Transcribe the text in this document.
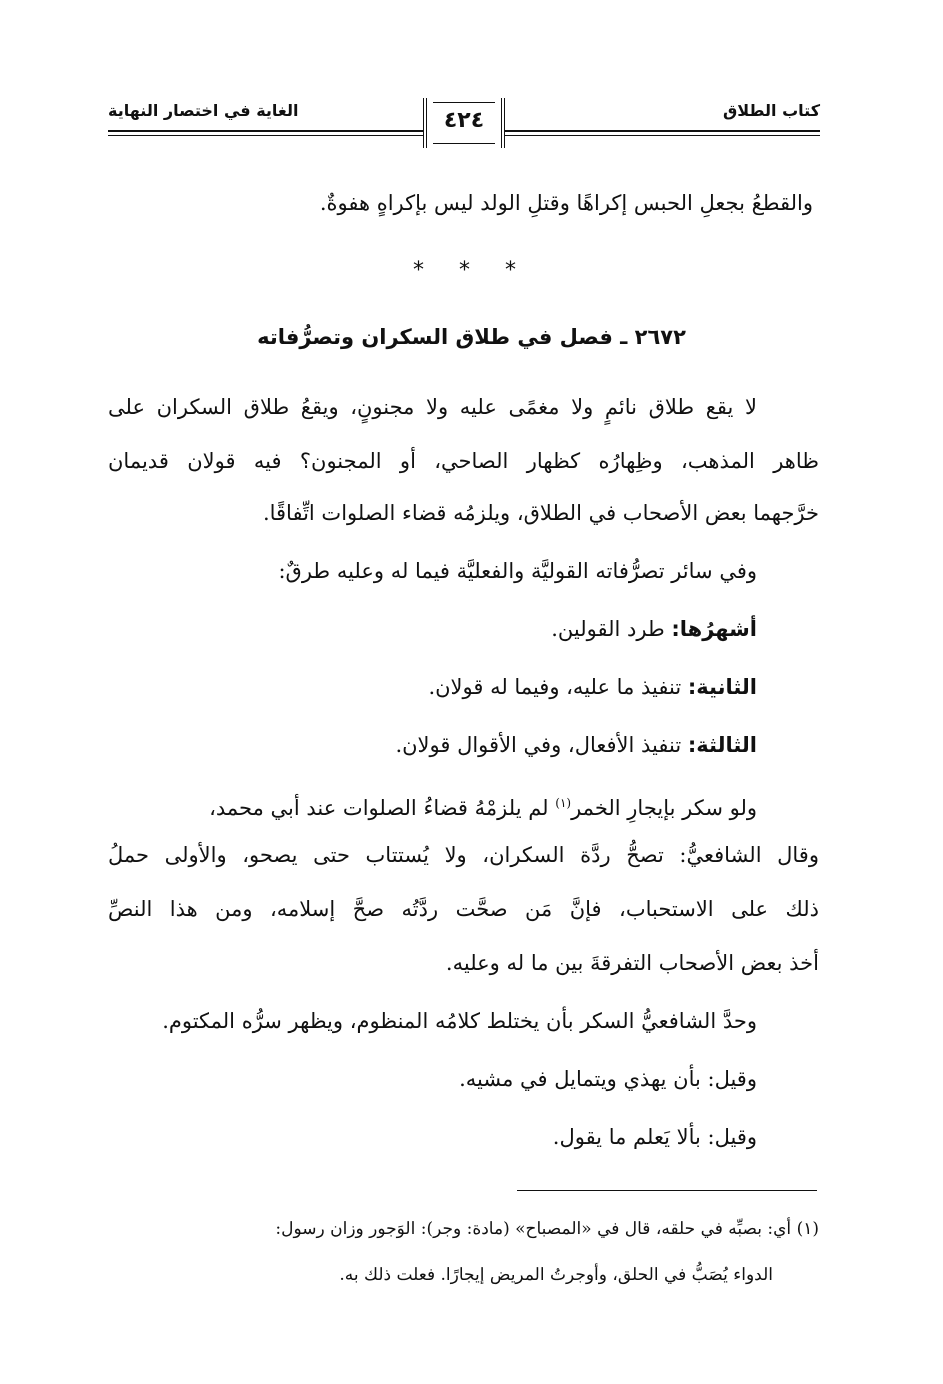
كتاب الطلاق
الغاية في اختصار النهاية	٤٢٤
والقطعُ بجعلِ الحبس إكراهًا وقتلِ الولد ليس بإكراهٍ هفوةٌ.
* * *
٢٦٧٢ ـ فصل في طلاق السكران وتصرُّفاته
لا يقع طلاق نائمٍ ولا مغمًى عليه ولا مجنونٍ، ويقعُ طلاق السكران على
ظاهر المذهب، وظِهارُه كظهار الصاحي، أو المجنون؟ فيه قولان قديمان
خرَّجهما بعض الأصحاب في الطلاق، ويلزمُه قضاء الصلوات اتِّفاقًا.
وفي سائر تصرُّفاته القوليَّة والفعليَّة فيما له وعليه طرقٌ:
أشهرُها: طرد القولين.
الثانية: تنفيذ ما عليه، وفيما له قولان.
الثالثة: تنفيذ الأفعال، وفي الأقوال قولان.
ولو سكر بإيجارِ الخمر$^{(١)}$ لم يلزمْهُ قضاءُ الصلوات عند أبي محمد،
وقال الشافعيُّ: تصحُّ ردَّة السكران، ولا يُستتاب حتى يصحو، والأولى حملُ
ذلك على الاستحباب، فإنَّ مَن صحَّت ردَّتُه صحَّ إسلامه، ومن هذا النصِّ
أخذ بعض الأصحاب التفرقةَ بين ما له وعليه.
وحدَّ الشافعيُّ السكر بأن يختلط كلامُه المنظوم، ويظهر سرُّه المكتوم.
وقيل: بأن يهذي ويتمايل في مشيه.
وقيل: بألا يَعلم ما يقول.
(١) أي: بصبِّه في حلقه، قال في «المصباح» (مادة: وجر): الوَجور وزان رسول:
الدواء يُصَبُّ في الحلق، وأوجرتُ المريض إيجارًا. فعلت ذلك به.
